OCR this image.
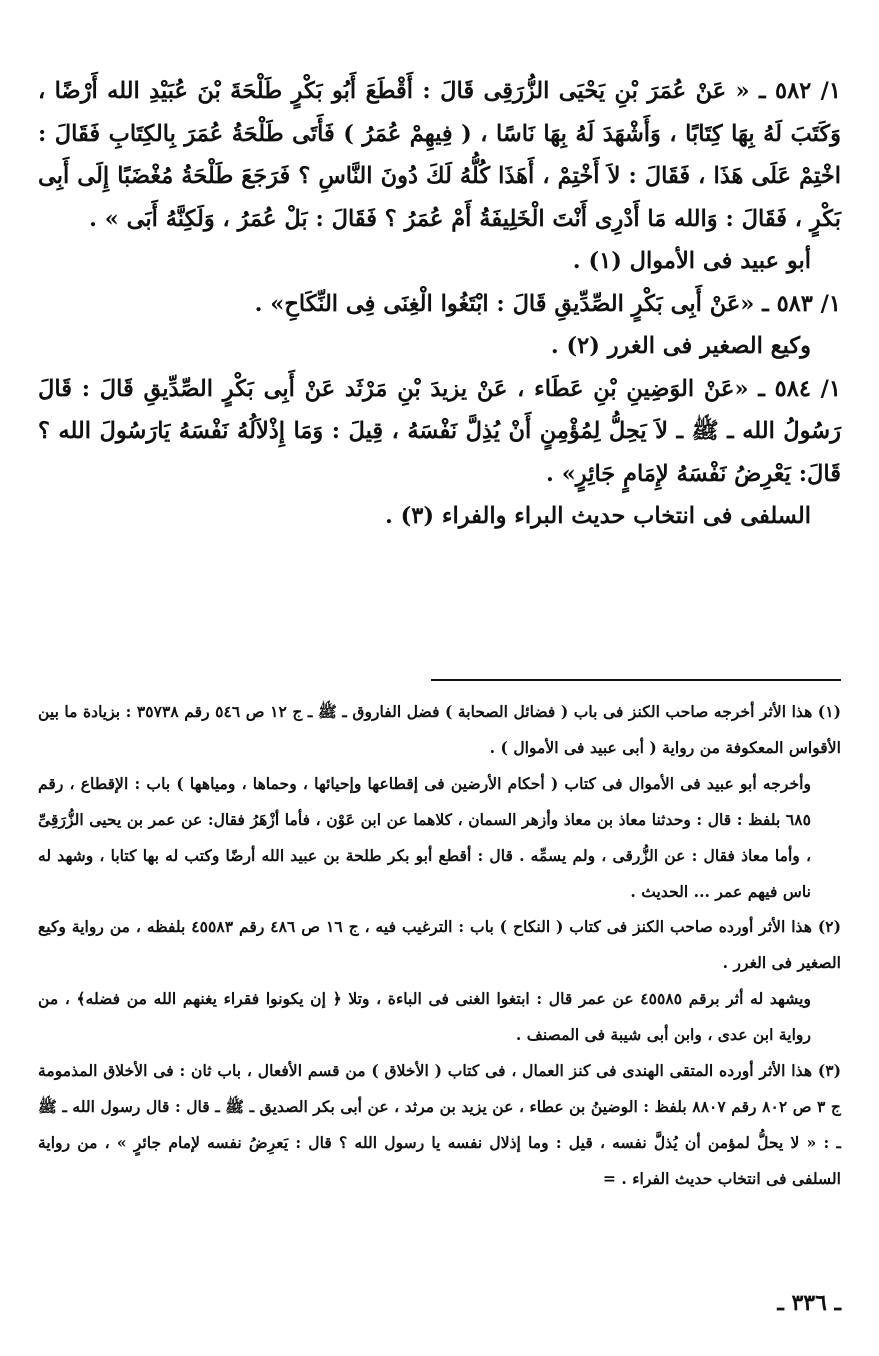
١/ ٥٨٢ ـ « عَنْ عُمَرَ بْنِ يَحْيَى الزُّرَقِى قَالَ : أَقْطَعَ أَبُو بَكْرٍ طَلْحَةَ بْنَ عُبَيْدِ الله أَرْضًا ، وَكَتَبَ لَهُ بِهَا كِتَابًا ، وَأَشْهَدَ لَهُ بِهَا نَاسًا ، ( فِيهِمْ عُمَرُ ) فَأَتَى طَلْحَةُ عُمَرَ بِالكِتَابِ فَقَالَ : اخْتِمْ عَلَى هَذَا ، فَقَالَ : لاَ أَخْتِمْ ، أَهَذَا كُلُّهُ لَكَ دُونَ النَّاسِ ؟ فَرَجَعَ طَلْحَةُ مُغْضَبًا إِلَى أَبِى بَكْرٍ ، فَقَالَ : وَالله مَا أَدْرِى أَنْتَ الْخَلِيفَةُ أَمْ عُمَرُ ؟ فَقَالَ : بَلْ عُمَرُ ، وَلَكِنَّهُ أَبَى » .

أبو عبيد فى الأموال (١) .

١/ ٥٨٣ ـ «عَنْ أَبِى بَكْرٍ الصِّدِّيقِ قَالَ : ابْتَغُوا الْغِنَى فِى النِّكَاحِ» .

وكيع الصغير فى الغرر (٢) .

١/ ٥٨٤ ـ «عَنْ الوَضِينِ بْنِ عَطَاء ، عَنْ يزيدَ بْنِ مَرْثَد عَنْ أَبِى بَكْرٍ الصِّدِّيقِ قَالَ : قَالَ رَسُولُ الله ـ ﷺ ـ لاَ يَحِلُّ لِمُؤْمِنٍ أَنْ يُذِلَّ نَفْسَهُ ، قِيلَ : وَمَا إِذْلاَلُهُ نَفْسَهُ يَارَسُولَ الله ؟ قَالَ: يَعْرِضُ نَفْسَهُ لإِمَامٍ جَائِرٍ» .

السلفى فى انتخاب حديث البراء والفراء (٣) .

(١) هذا الأثر أخرجه صاحب الكنز فى باب ( فضائل الصحابة ) فضل الفاروق ـ ﷺ ـ ج ١٢ ص ٥٤٦ رقم ٣٥٧٣٨ : بزيادة ما بين الأقواس المعكوفة من رواية ( أبى عبيد فى الأموال ) .

وأخرجه أبو عبيد فى الأموال فى كتاب ( أحكام الأرضين فى إقطاعها وإحيائها ، وحماها ، ومياهها ) باب : الإقطاع ، رقم ٦٨٥ بلفظ : قال : وحدثنا معاذ بن معاذ وأزهر السمان ، كلاهما عن ابن عَوْن ، فأما أزْهَرُ فقال: عن عمر بن يحيى الزُّرَقِىِّ ، وأما معاذ فقال : عن الزُّرقى ، ولم يسمِّه . قال : أقطع أبو بكر طلحة بن عبيد الله أرضًا وكتب له بها كتابا ، وشهد له ناس فيهم عمر ... الحديث .

(٢) هذا الأثر أورده صاحب الكنز فى كتاب ( النكاح ) باب : الترغيب فيه ، ج ١٦ ص ٤٨٦ رقم ٤٥٥٨٣ بلفظه ، من رواية وكيع الصغير فى الغرر .

ويشهد له أثر برقم ٤٥٥٨٥ عن عمر قال : ابتغوا الغنى فى الباءة ، وتلا ﴿ إن يكونوا فقراء يغنهم الله من فضله﴾ ، من رواية ابن عدى ، وابن أبى شيبة فى المصنف .

(٣) هذا الأثر أورده المتقى الهندى فى كنز العمال ، فى كتاب ( الأخلاق ) من قسم الأفعال ، باب ثان : فى الأخلاق المذمومة ج ٣ ص ٨٠٢ رقم ٨٨٠٧ بلفظ : الوضينُ بن عطاء ، عن يزيد بن مرثد ، عن أبى بكر الصديق ـ ﷺ ـ قال : قال رسول الله ـ ﷺ ـ : « لا يحلُّ لمؤمن أن يُذلَّ نفسه ، قيل : وما إذلال نفسه يا رسول الله ؟ قال : يَعرِضُ نفسه لإمام جائرٍ » ، من رواية السلفى فى انتخاب حديث الفراء . =

ـ ٣٣٦ ـ
